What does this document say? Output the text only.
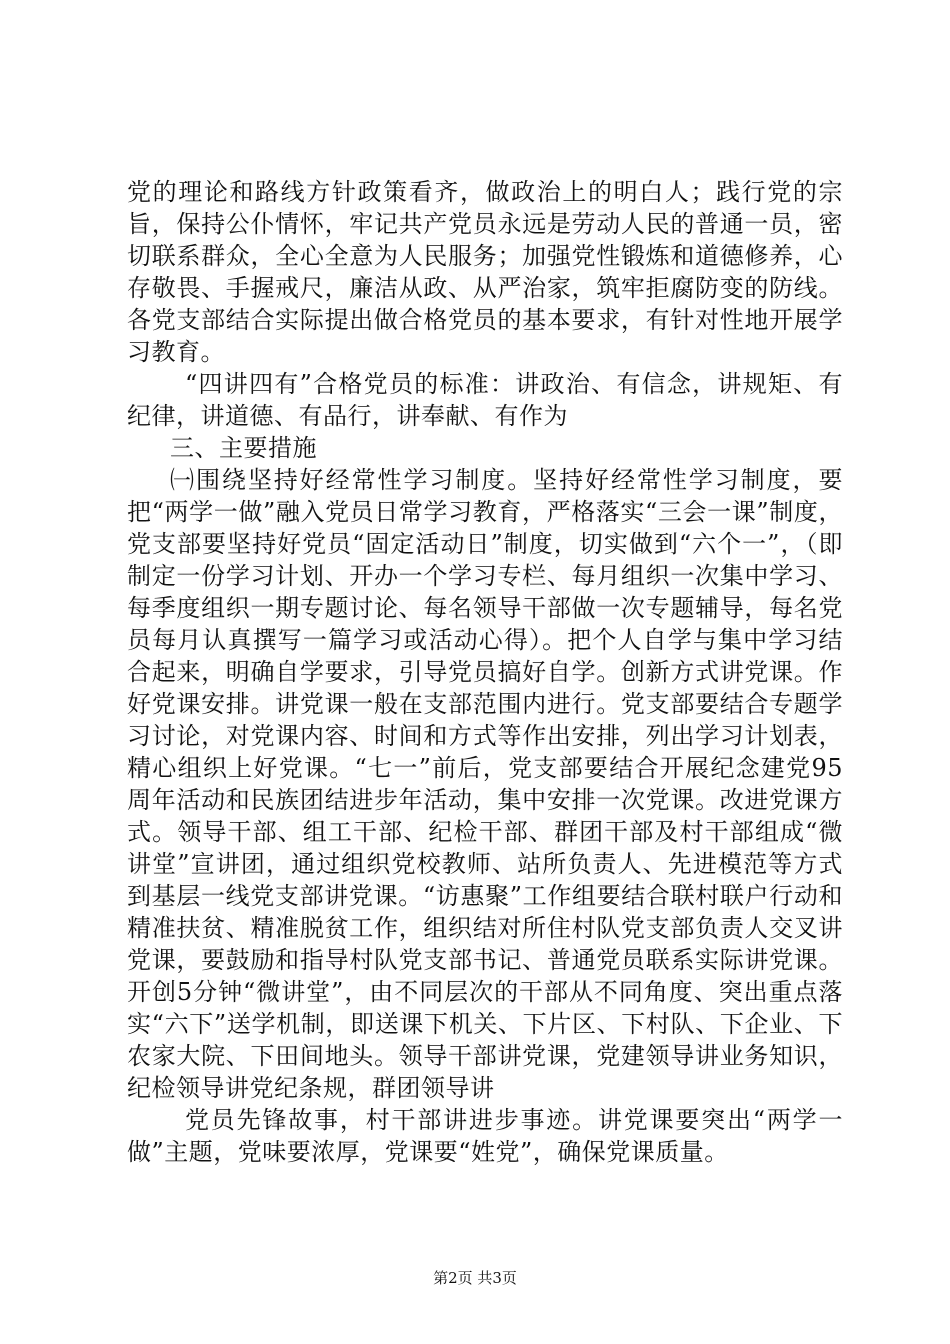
党的理论和路线方针政策看齐，做政治上的明白人；践行党的宗旨，保持公仆情怀，牢记共产党员永远是劳动人民的普通一员，密切联系群众，全心全意为人民服务；加强党性锻炼和道德修养，心存敬畏、手握戒尺，廉洁从政、从严治家，筑牢拒腐防变的防线。各党支部结合实际提出做合格党员的基本要求，有针对性地开展学习教育。

“四讲四有”合格党员的标准：讲政治、有信念，讲规矩、有纪律，讲道德、有品行，讲奉献、有作为

三、主要措施

㈠围绕坚持好经常性学习制度。坚持好经常性学习制度，要把“两学一做”融入党员日常学习教育，严格落实“三会一课”制度，党支部要坚持好党员“固定活动日”制度，切实做到“六个一”，（即制定一份学习计划、开办一个学习专栏、每月组织一次集中学习、每季度组织一期专题讨论、每名领导干部做一次专题辅导，每名党员每月认真撰写一篇学习或活动心得）。把个人自学与集中学习结合起来，明确自学要求，引导党员搞好自学。创新方式讲党课。作好党课安排。讲党课一般在支部范围内进行。党支部要结合专题学习讨论，对党课内容、时间和方式等作出安排，列出学习计划表，精心组织上好党课。“七一”前后，党支部要结合开展纪念建党95周年活动和民族团结进步年活动，集中安排一次党课。改进党课方式。领导干部、组工干部、纪检干部、群团干部及村干部组成“微讲堂”宣讲团，通过组织党校教师、站所负责人、先进模范等方式到基层一线党支部讲党课。“访惠聚”工作组要结合联村联户行动和精准扶贫、精准脱贫工作，组织结对所住村队党支部负责人交叉讲党课，要鼓励和指导村队党支部书记、普通党员联系实际讲党课。开创5分钟“微讲堂”，由不同层次的干部从不同角度、突出重点落实“六下”送学机制，即送课下机关、下片区、下村队、下企业、下农家大院、下田间地头。领导干部讲党课，党建领导讲业务知识，纪检领导讲党纪条规，群团领导讲

党员先锋故事，村干部讲进步事迹。讲党课要突出“两学一做”主题，党味要浓厚，党课要“姓党”，确保党课质量。

第2页 共3页
